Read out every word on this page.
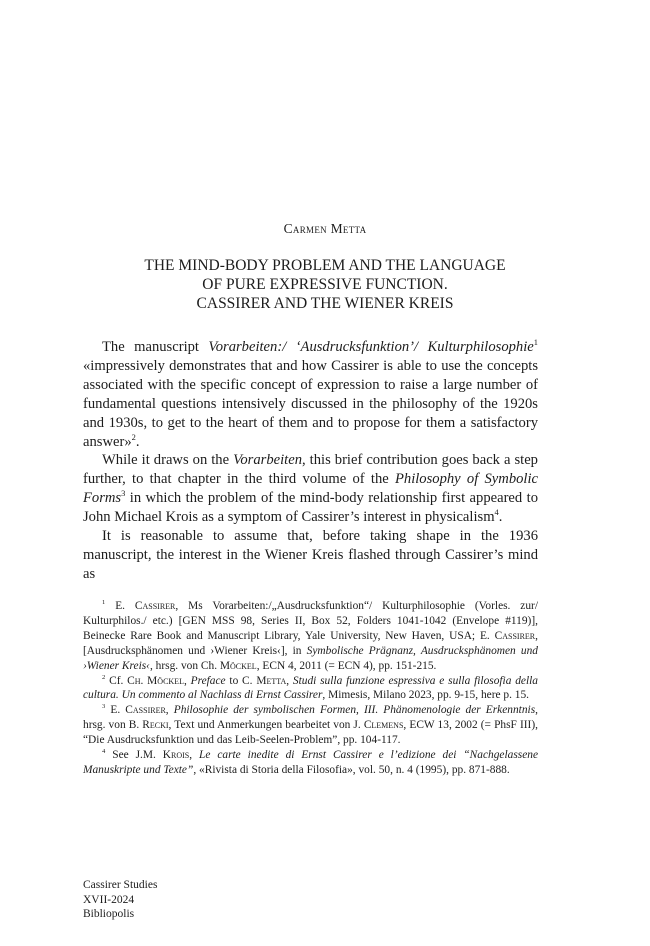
Carmen Metta
THE MIND-BODY PROBLEM AND THE LANGUAGE
OF PURE EXPRESSIVE FUNCTION.
CASSIRER AND THE WIENER KREIS

The manuscript Vorarbeiten:/ ‘Ausdrucksfunktion’/ Kulturphilosophie$^1$ «impressively demonstrates that and how Cassirer is able to use the concepts associated with the specific concept of expression to raise a large number of fundamental questions intensively discussed in the philosophy of the 1920s and 1930s, to get to the heart of them and to propose for them a satisfactory answer»$^2$.

While it draws on the Vorarbeiten, this brief contribution goes back a step further, to that chapter in the third volume of the Philosophy of Symbolic Forms$^3$ in which the problem of the mind-body relationship first appeared to John Michael Krois as a symptom of Cassirer’s interest in physicalism$^4$.

It is reasonable to assume that, before taking shape in the 1936 manuscript, the interest in the Wiener Kreis flashed through Cassirer’s mind as

$^1$ E. Cassirer, Ms Vorarbeiten:/„Ausdrucksfunktion“/ Kulturphilosophie (Vorles. zur/ Kulturphilos./ etc.) [GEN MSS 98, Series II, Box 52, Folders 1041-1042 (Envelope #119)], Beinecke Rare Book and Manuscript Library, Yale University, New Haven, USA; E. Cassirer, [Ausdrucksphänomen und ›Wiener Kreis‹], in Symbolische Prägnanz, Ausdrucksphänomen und ›Wiener Kreis‹, hrsg. von Ch. Möckel, ECN 4, 2011 (= ECN 4), pp. 151-215.

$^2$ Cf. Ch. Möckel, Preface to C. Metta, Studi sulla funzione espressiva e sulla filosofia della cultura. Un commento al Nachlass di Ernst Cassirer, Mimesis, Milano 2023, pp. 9-15, here p. 15.

$^3$ E. Cassirer, Philosophie der symbolischen Formen, III. Phänomenologie der Erkenntnis, hrsg. von B. Recki, Text und Anmerkungen bearbeitet von J. Clemens, ECW 13, 2002 (= PhsF III), “Die Ausdrucksfunktion und das Leib-Seelen-Problem”, pp. 104-117.

$^4$ See J.M. Krois, Le carte inedite di Ernst Cassirer e l’edizione dei “Nachgelassene Manuskripte und Texte”, «Rivista di Storia della Filosofia», vol. 50, n. 4 (1995), pp. 871-888.

Cassirer Studies
XVII-2024
Bibliopolis
